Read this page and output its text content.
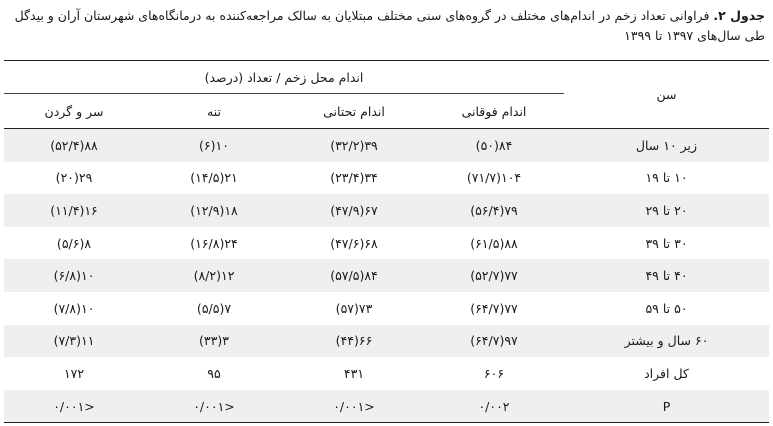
جدول ۲. فراوانی تعداد زخم در اندام‌های مختلف در گروه‌های سنی مختلف مبتلایان به سالک مراجعه‌کننده به درمانگاه‌های شهرستان آران و بیدگل طی سال‌های ۱۳۹۷ تا ۱۳۹۹
سن	اندام محل زخم / تعداد (درصد)			
	اندام فوقانی	اندام تحتانی	تنه	سر و گردن
زیر ۱۰ سال	۸۴(۵۰)	۳۹(۳۲/۲)	۱۰(۶)	۸۸(۵۲/۴)
۱۰ تا ۱۹	۱۰۴(۷۱/۷)	۳۴(۲۳/۴)	۲۱(۱۴/۵)	۲۹(۲۰)
۲۰ تا ۲۹	۷۹(۵۶/۴)	۶۷(۴۷/۹)	۱۸(۱۲/۹)	۱۶(۱۱/۴)
۳۰ تا ۳۹	۸۸(۶۱/۵)	۶۸(۴۷/۶)	۲۴(۱۶/۸)	۸(۵/۶)
۴۰ تا ۴۹	۷۷(۵۲/۷)	۸۴(۵۷/۵)	۱۲(۸/۲)	۱۰(۶/۸)
۵۰ تا ۵۹	۷۷(۶۴/۷)	۷۳(۵۷)	۷(۵/۵)	۱۰(۷/۸)
۶۰ سال و بیشتر	۹۷(۶۴/۷)	۶۶(۴۴)	۳(۳۳)	۱۱(۷/۳)
کل افراد	۶۰۶	۴۳۱	۹۵	۱۷۲
P	۰/۰۰۲	<۰/۰۰۱	<۰/۰۰۱	<۰/۰۰۱
